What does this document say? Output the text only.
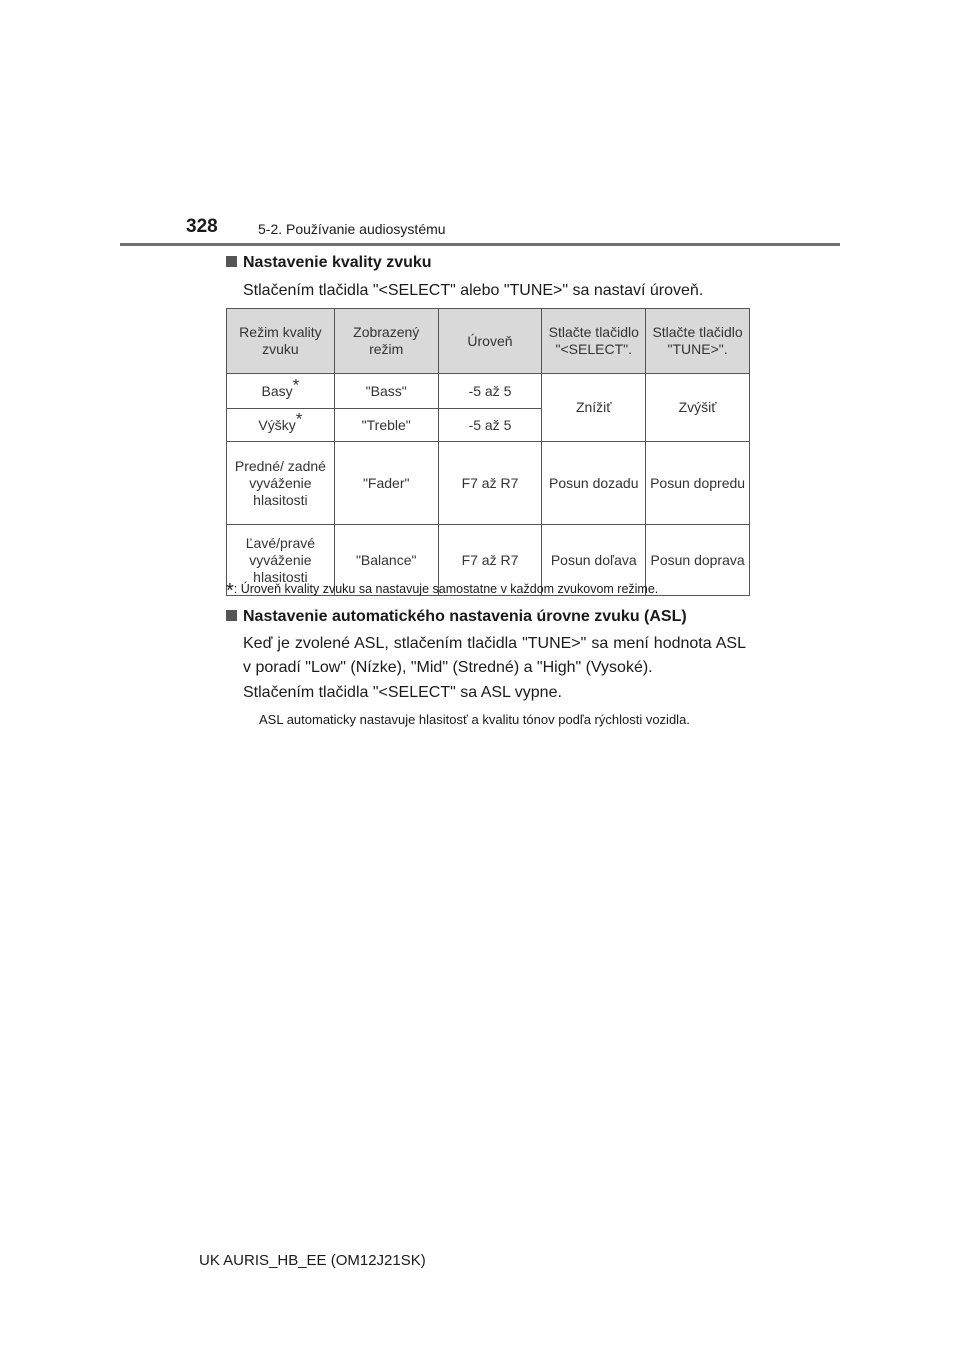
328	5-2. Používanie audiosystému
Nastavenie kvality zvuku
Stlačením tlačidla "<SELECT" alebo "TUNE>" sa nastaví úroveň.
Režim kvality zvuku	Zobrazený režim	Úroveň	Stlačte tlačidlo "<SELECT".	Stlačte tlačidlo "TUNE>".
Basy*	"Bass"	-5 až 5	Znížiť	Zvýšiť
Výšky*	"Treble"	-5 až 5		
Predné/ zadné vyváženie hlasitosti	"Fader"	F7 až R7	Posun dozadu	Posun dopredu
Ľavé/pravé vyváženie hlasitosti	"Balance"	F7 až R7	Posun doľava	Posun doprava
*: Úroveň kvality zvuku sa nastavuje samostatne v každom zvukovom režime.
Nastavenie automatického nastavenia úrovne zvuku (ASL)
Keď je zvolené ASL, stlačením tlačidla "TUNE>" sa mení hodnota ASL v poradí "Low" (Nízke), "Mid" (Stredné) a "High" (Vysoké).
Stlačením tlačidla "<SELECT" sa ASL vypne.
ASL automaticky nastavuje hlasitosť a kvalitu tónov podľa rýchlosti vozidla.
UK AURIS_HB_EE (OM12J21SK)
